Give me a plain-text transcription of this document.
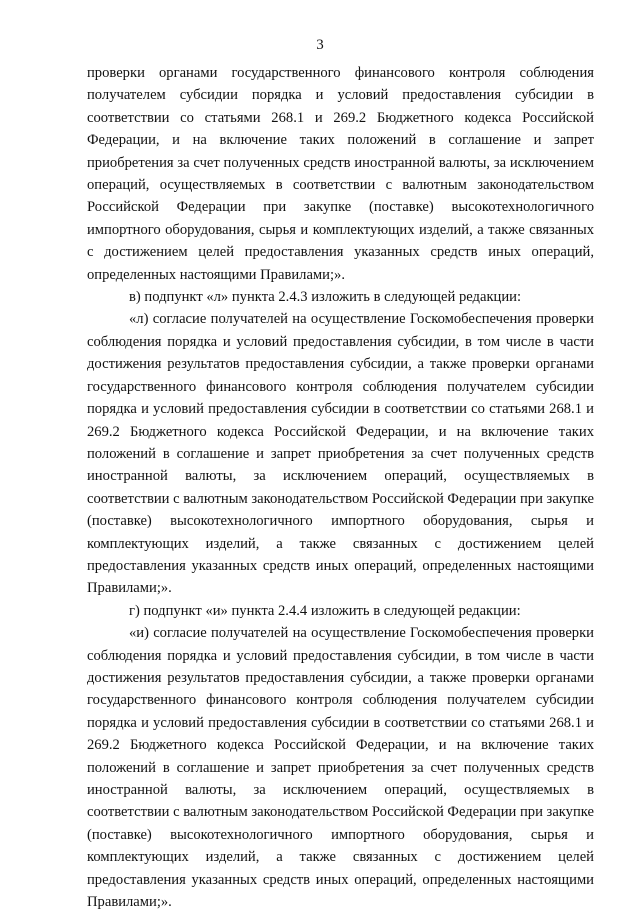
3

проверки органами государственного финансового контроля соблюдения получателем субсидии порядка и условий предоставления субсидии в соответствии со статьями 268.1 и 269.2 Бюджетного кодекса Российской Федерации, и на включение таких положений в соглашение и запрет приобретения за счет полученных средств иностранной валюты, за исключением операций, осуществляемых в соответствии с валютным законодательством Российской Федерации при закупке (поставке) высокотехнологичного импортного оборудования, сырья и комплектующих изделий, а также связанных с достижением целей предоставления указанных средств иных операций, определенных настоящими Правилами;».

в) подпункт «л» пункта 2.4.3 изложить в следующей редакции:

«л) согласие получателей на осуществление Госкомобеспечения проверки соблюдения порядка и условий предоставления субсидии, в том числе в части достижения результатов предоставления субсидии, а также проверки органами государственного финансового контроля соблюдения получателем субсидии порядка и условий предоставления субсидии в соответствии со статьями 268.1 и 269.2 Бюджетного кодекса Российской Федерации, и на включение таких положений в соглашение и запрет приобретения за счет полученных средств иностранной валюты, за исключением операций, осуществляемых в соответствии с валютным законодательством Российской Федерации при закупке (поставке) высокотехнологичного импортного оборудования, сырья и комплектующих изделий, а также связанных с достижением целей предоставления указанных средств иных операций, определенных настоящими Правилами;».

г) подпункт «и» пункта 2.4.4 изложить в следующей редакции:

«и) согласие получателей на осуществление Госкомобеспечения проверки соблюдения порядка и условий предоставления субсидии, в том числе в части достижения результатов предоставления субсидии, а также проверки органами государственного финансового контроля соблюдения получателем субсидии порядка и условий предоставления субсидии в соответствии со статьями 268.1 и 269.2 Бюджетного кодекса Российской Федерации, и на включение таких положений в соглашение и запрет приобретения за счет полученных средств иностранной валюты, за исключением операций, осуществляемых в соответствии с валютным законодательством Российской Федерации при закупке (поставке) высокотехнологичного импортного оборудования, сырья и комплектующих изделий, а также связанных с достижением целей предоставления указанных средств иных операций, определенных настоящими Правилами;».
